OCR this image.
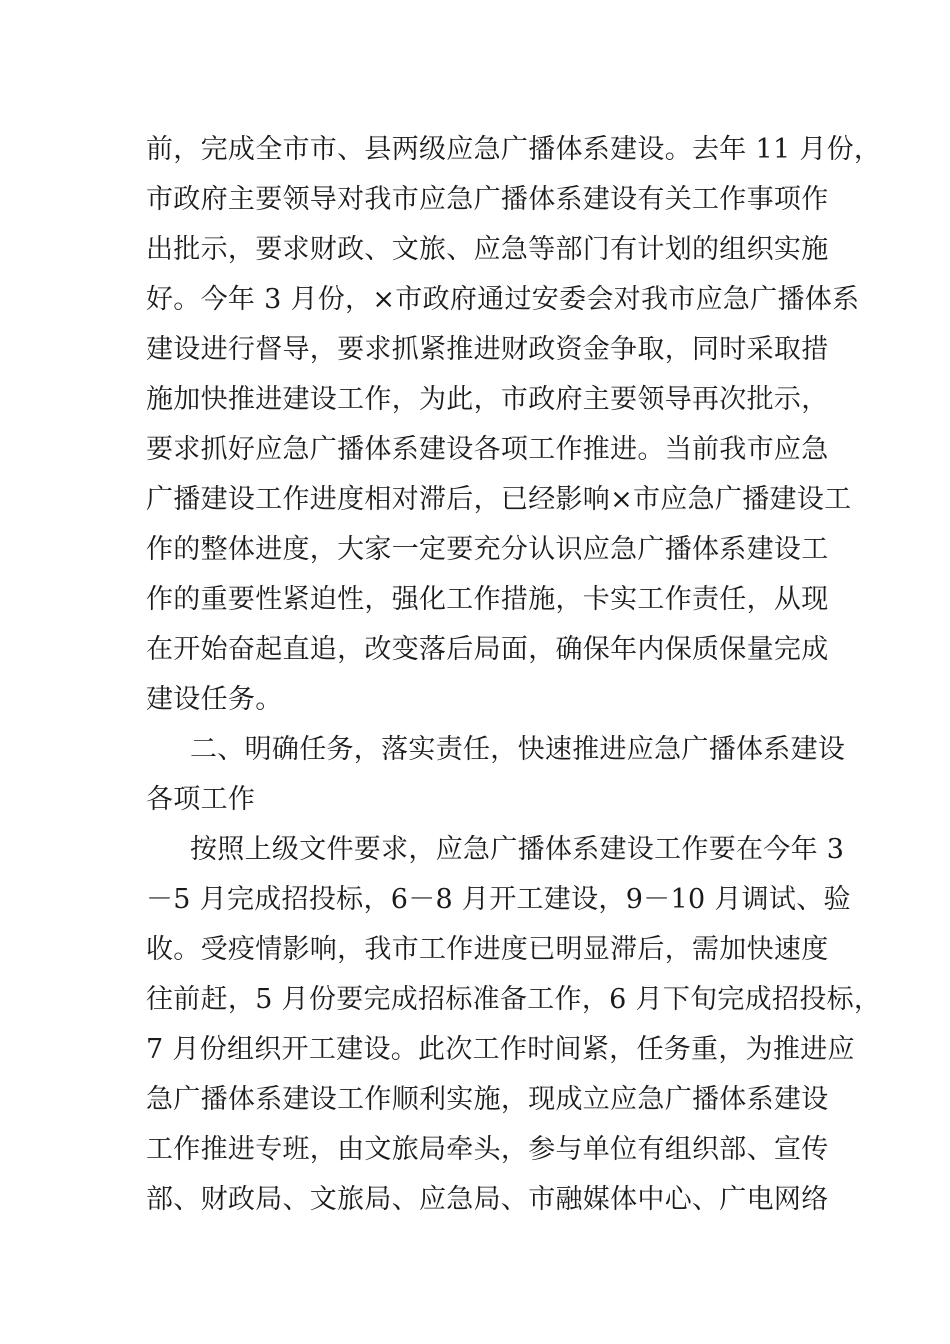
前，完成全市市、县两级应急广播体系建设。去年 11 月份，
市政府主要领导对我市应急广播体系建设有关工作事项作
出批示，要求财政、文旅、应急等部门有计划的组织实施
好。今年 3 月份，×市政府通过安委会对我市应急广播体系
建设进行督导，要求抓紧推进财政资金争取，同时采取措
施加快推进建设工作，为此，市政府主要领导再次批示，
要求抓好应急广播体系建设各项工作推进。当前我市应急
广播建设工作进度相对滞后，已经影响×市应急广播建设工
作的整体进度，大家一定要充分认识应急广播体系建设工
作的重要性紧迫性，强化工作措施，卡实工作责任，从现
在开始奋起直追，改变落后局面，确保年内保质保量完成
建设任务。
二、明确任务，落实责任，快速推进应急广播体系建设
各项工作
按照上级文件要求，应急广播体系建设工作要在今年 3
－5 月完成招投标，6－8 月开工建设，9－10 月调试、验
收。受疫情影响，我市工作进度已明显滞后，需加快速度
往前赶，5 月份要完成招标准备工作，6 月下旬完成招投标，
7 月份组织开工建设。此次工作时间紧，任务重，为推进应
急广播体系建设工作顺利实施，现成立应急广播体系建设
工作推进专班，由文旅局牵头，参与单位有组织部、宣传
部、财政局、文旅局、应急局、市融媒体中心、广电网络
